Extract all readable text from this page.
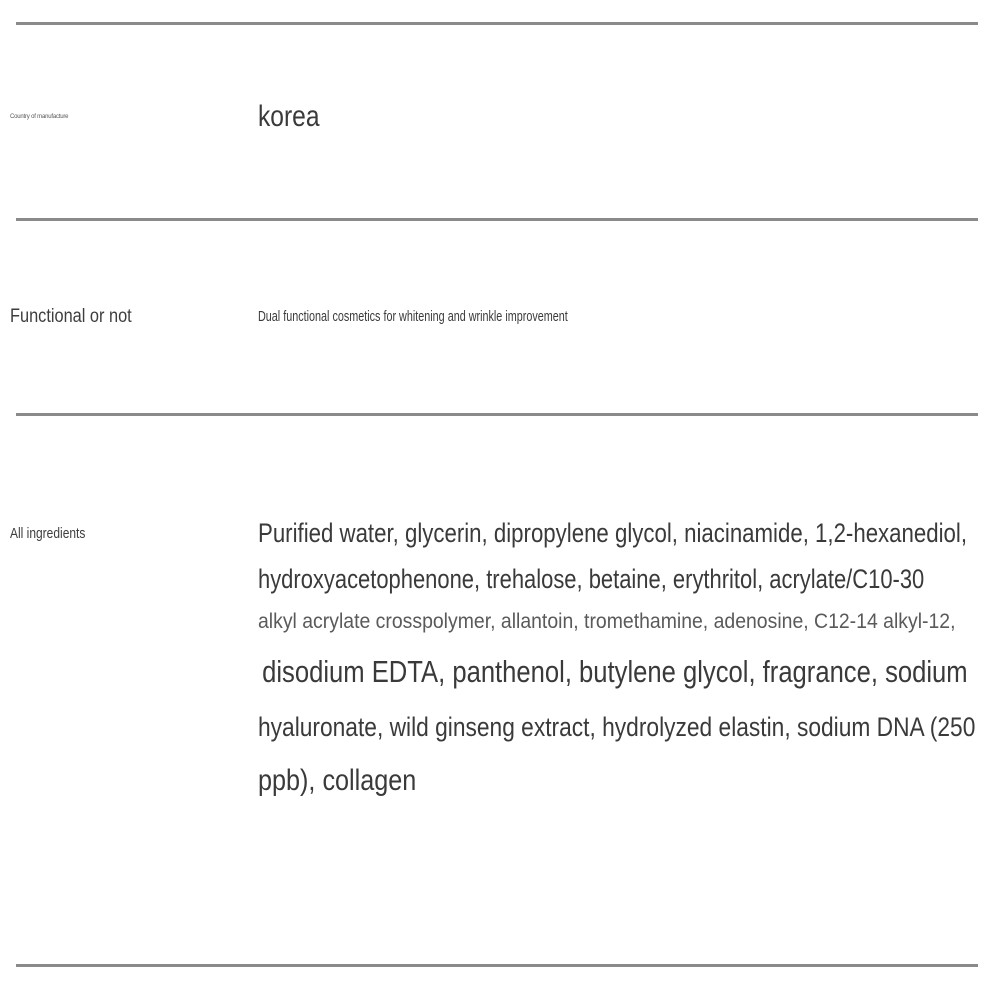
Country of manufacture	korea
Functional or not	Dual functional cosmetics for whitening and wrinkle improvement
All ingredients	Purified water, glycerin, dipropylene glycol, niacinamide, 1,2-hexanediol,
hydroxyacetophenone, trehalose, betaine, erythritol, acrylate/C10-30
alkyl acrylate crosspolymer, allantoin, tromethamine, adenosine, C12-14 alkyl-12,
disodium EDTA, panthenol, butylene glycol, fragrance, sodium
hyaluronate, wild ginseng extract, hydrolyzed elastin, sodium DNA (250
ppb), collagen
